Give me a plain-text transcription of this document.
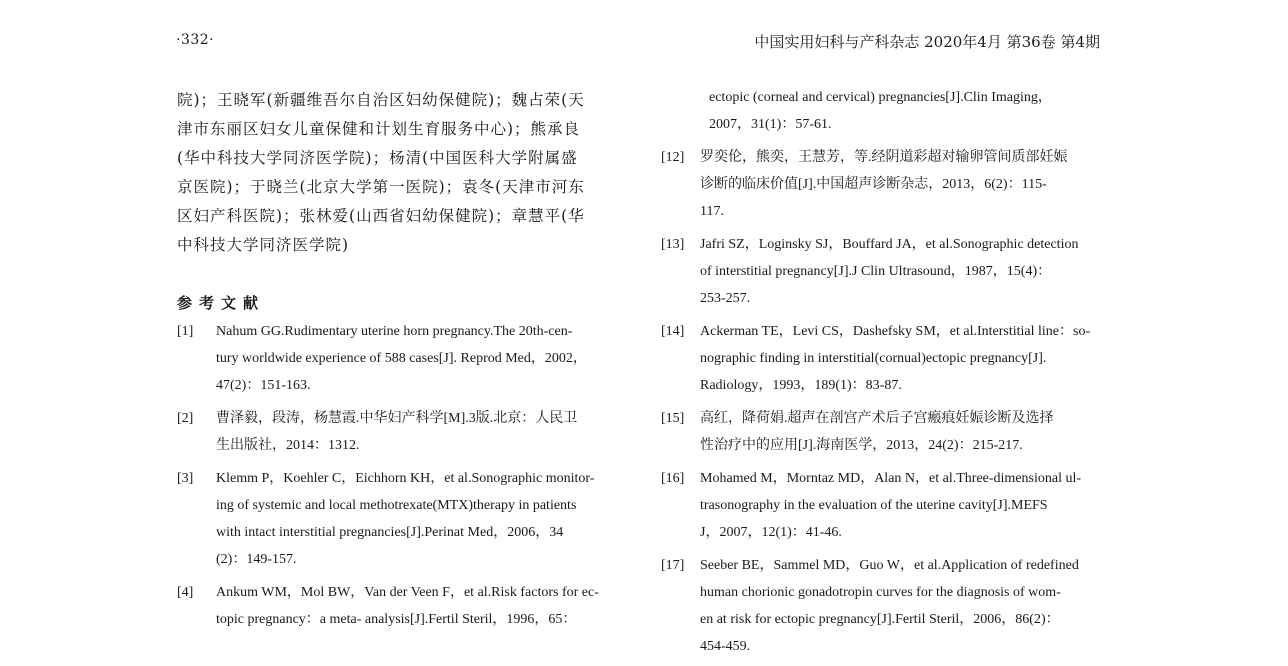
·332·	中国实用妇科与产科杂志 2020年4月 第36卷 第4期
院)；王晓军(新疆维吾尔自治区妇幼保健院)；魏占荣(天
津市东丽区妇女儿童保健和计划生育服务中心)；熊承良
(华中科技大学同济医学院)；杨清(中国医科大学附属盛
京医院)；于晓兰(北京大学第一医院)；袁冬(天津市河东
区妇产科医院)；张林爱(山西省妇幼保健院)；章慧平(华
中科技大学同济医学院)
参考文献
[1]	Nahum GG.Rudimentary uterine horn pregnancy.The 20th-cen-
tury worldwide experience of 588 cases[J]. Reprod Med，2002，
47(2)：151-163.
[2]	曹泽毅，段涛，杨慧霞.中华妇产科学[M].3版.北京：人民卫
生出版社，2014：1312.
[3]	Klemm P，Koehler C，Eichhorn KH，et al.Sonographic monitor-
ing of systemic and local methotrexate(MTX)therapy in patients
with intact interstitial pregnancies[J].Perinat Med，2006，34
(2)：149-157.
[4]	Ankum WM，Mol BW，Van der Veen F，et al.Risk factors for ec-
topic pregnancy：a meta- analysis[J].Fertil Steril，1996，65：
ectopic (corneal and cervical) pregnancies[J].Clin Imaging，
2007，31(1)：57-61.
[12]	罗奕伦，熊奕，王慧芳，等.经阴道彩超对输卵管间质部妊娠
诊断的临床价值[J].中国超声诊断杂志，2013，6(2)：115-
117.
[13]	Jafri SZ，Loginsky SJ，Bouffard JA，et al.Sonographic detection
of interstitial pregnancy[J].J Clin Ultrasound，1987，15(4)：
253-257.
[14]	Ackerman TE，Levi CS，Dashefsky SM，et al.Interstitial line：so-
nographic finding in interstitial(cornual)ectopic pregnancy[J].
Radiology，1993，189(1)：83-87.
[15]	高红，降荷娟.超声在剖宫产术后子宫瘢痕妊娠诊断及选择
性治疗中的应用[J].海南医学，2013，24(2)：215-217.
[16]	Mohamed M，Morntaz MD，Alan N，et al.Three-dimensional ul-
trasonography in the evaluation of the uterine cavity[J].MEFS
J，2007，12(1)：41-46.
[17]	Seeber BE，Sammel MD，Guo W，et al.Application of redefined
human chorionic gonadotropin curves for the diagnosis of wom-
en at risk for ectopic pregnancy[J].Fertil Steril，2006，86(2)：
454-459.
